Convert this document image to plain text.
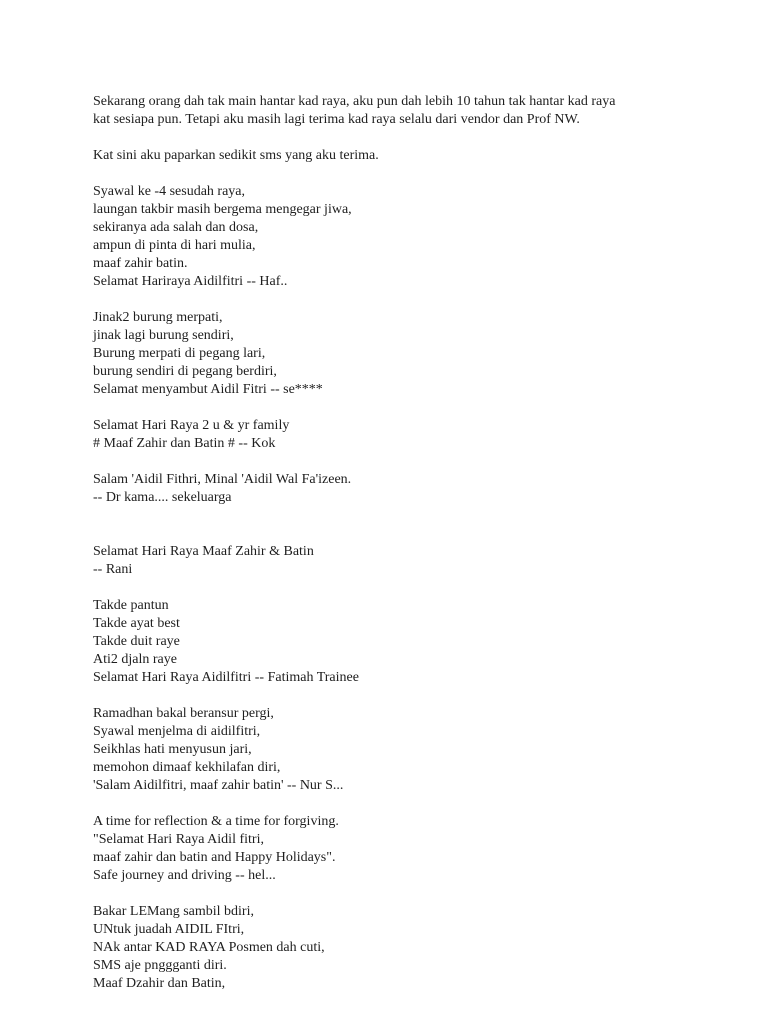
Sekarang orang dah tak main hantar kad raya, aku pun dah lebih 10 tahun tak hantar kad raya
kat sesiapa pun. Tetapi aku masih lagi terima kad raya selalu dari vendor dan Prof NW.
Kat sini aku paparkan sedikit sms yang aku terima.
Syawal ke -4 sesudah raya,
laungan takbir masih bergema mengegar jiwa,
sekiranya ada salah dan dosa,
ampun di pinta di hari mulia,
maaf zahir batin.
Selamat Hariraya Aidilfitri -- Haf..
Jinak2 burung merpati,
jinak lagi burung sendiri,
Burung merpati di pegang lari,
burung sendiri di pegang berdiri,
Selamat menyambut Aidil Fitri -- se****
Selamat Hari Raya 2 u & yr family
# Maaf Zahir dan Batin # -- Kok
Salam 'Aidil Fithri, Minal 'Aidil Wal Fa'izeen.
-- Dr kama.... sekeluarga
Selamat Hari Raya Maaf Zahir & Batin
-- Rani
Takde pantun
Takde ayat best
Takde duit raye
Ati2 djaln raye
Selamat Hari Raya Aidilfitri -- Fatimah Trainee
Ramadhan bakal beransur pergi,
Syawal menjelma di aidilfitri,
Seikhlas hati menyusun jari,
memohon dimaaf kekhilafan diri,
'Salam Aidilfitri, maaf zahir batin' -- Nur S...
A time for reflection & a time for forgiving.
"Selamat Hari Raya Aidil fitri,
maaf zahir dan batin and Happy Holidays".
Safe journey and driving -- hel...
Bakar LEMang sambil bdiri,
UNtuk juadah AIDIL FItri,
NAk antar KAD RAYA Posmen dah cuti,
SMS aje pnggganti diri.
Maaf Dzahir dan Batin,
